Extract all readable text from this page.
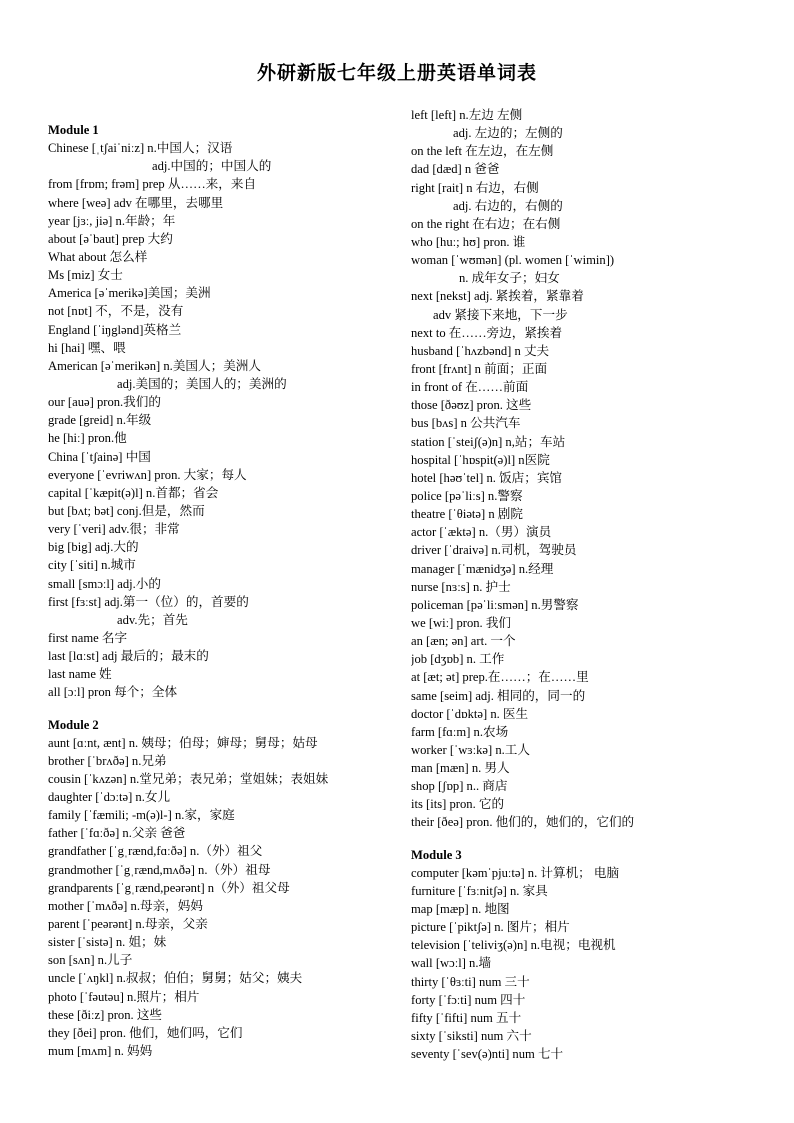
外研新版七年级上册英语单词表
Module 1
Chinese [ˌtʃaiˈniːz] n.中国人；汉语
adj.中国的；中国人的
from [frɒm; frəm] prep 从……来，来自
where [weə] adv 在哪里，去哪里
year [jɜː, jiə] n.年龄；年
about [əˈbaut] prep 大约
What about 怎么样
Ms [miz] 女士
America [əˈmerikə]美国；美洲
not [nɒt] 不，不是，没有
England [ˈiŋglənd]英格兰
hi [hai] 嘿、喂
American [əˈmerikən] n.美国人；美洲人
adj.美国的；美国人的；美洲的
our [auə] pron.我们的
grade [greid] n.年级
he [hiː] pron.他
China [ˈtʃainə] 中国
everyone [ˈevriwʌn] pron. 大家；每人
capital [ˈkæpit(ə)l] n.首都；省会
but [bʌt; bət] conj.但是，然而
very [ˈveri] adv.很；非常
big [big] adj.大的
city [ˈsiti] n.城市
small [smɔːl] adj.小的
first [fɜːst] adj.第一（位）的，首要的
adv.先；首先
first name 名字
last [lɑːst] adj 最后的；最末的
last name 姓
all [ɔːl] pron 每个；全体
Module 2
aunt [ɑːnt, ænt] n. 姨母；伯母；婶母；舅母；姑母
brother [ˈbrʌðə] n.兄弟
cousin [ˈkʌzən] n.堂兄弟；表兄弟；堂姐妹；表姐妹
daughter [ˈdɔːtə] n.女儿
family [ˈfæmili; -m(ə)l-] n.家，家庭
father [ˈfɑːðə] n.父亲 爸爸
grandfather [ˈgˌrænd,fɑːðə] n.（外）祖父
grandmother [ˈgˌrænd,mʌðə] n.（外）祖母
grandparents [ˈgˌrænd,peərənt] n（外）祖父母
mother [ˈmʌðə] n.母亲，妈妈
parent [ˈpeərənt] n.母亲，父亲
sister [ˈsistə] n. 姐；妹
son [sʌn] n.儿子
uncle [ˈʌŋkl] n.叔叔；伯伯；舅舅；姑父；姨夫
photo [ˈfəutəu] n.照片；相片
these [ðiːz] pron. 这些
they [ðei] pron. 他们，她们吗，它们
mum [mʌm] n. 妈妈
left [left] n.左边 左侧
adj. 左边的；左侧的
on the left 在左边，在左侧
dad [dæd] n 爸爸
right [rait] n 右边，右侧
adj. 右边的，右侧的
on the right 在右边；在右侧
who [huː; hʊ] pron. 谁
woman [ˈwʊmən] (pl. women [ˈwimin])
n. 成年女子；妇女
next [nekst] adj. 紧挨着，紧靠着
adv 紧接下来地，下一步
next to 在……旁边，紧挨着
husband [ˈhʌzbənd] n 丈夫
front [frʌnt] n 前面；正面
in front of 在……前面
those [ðəʊz] pron. 这些
bus [bʌs] n 公共汽车
station [ˈsteiʃ(ə)n] n,站；车站
hospital [ˈhɒspit(ə)l] n医院
hotel [həʊˈtel] n. 饭店；宾馆
police [pəˈliːs] n.警察
theatre [ˈθiətə] n 剧院
actor [ˈæktə] n.（男）演员
driver [ˈdraivə] n.司机，驾驶员
manager [ˈmænidʒə] n.经理
nurse [nɜːs] n. 护士
policeman [pəˈliːsmən] n.男警察
we [wiː] pron. 我们
an [æn; ən] art. 一个
job [dʒɒb] n. 工作
at [æt; ət] prep.在……；在……里
same [seim] adj. 相同的，同一的
doctor [ˈdɒktə] n. 医生
farm [fɑːm] n.农场
worker [ˈwɜːkə] n.工人
man [mæn] n. 男人
shop [ʃɒp] n.. 商店
its [its] pron. 它的
their [ðeə] pron. 他们的，她们的，它们的
Module 3
computer [kəmˈpjuːtə] n. 计算机； 电脑
furniture [ˈfɜːnitʃə] n. 家具
map [mæp] n. 地图
picture [ˈpiktʃə] n. 图片；相片
television [ˈteliviʒ(ə)n] n.电视；电视机
wall [wɔːl] n.墙
thirty [ˈθɜːti] num 三十
forty [ˈfɔːti] num 四十
fifty [ˈfifti] num 五十
sixty [ˈsiksti] num 六十
seventy [ˈsev(ə)nti] num 七十
